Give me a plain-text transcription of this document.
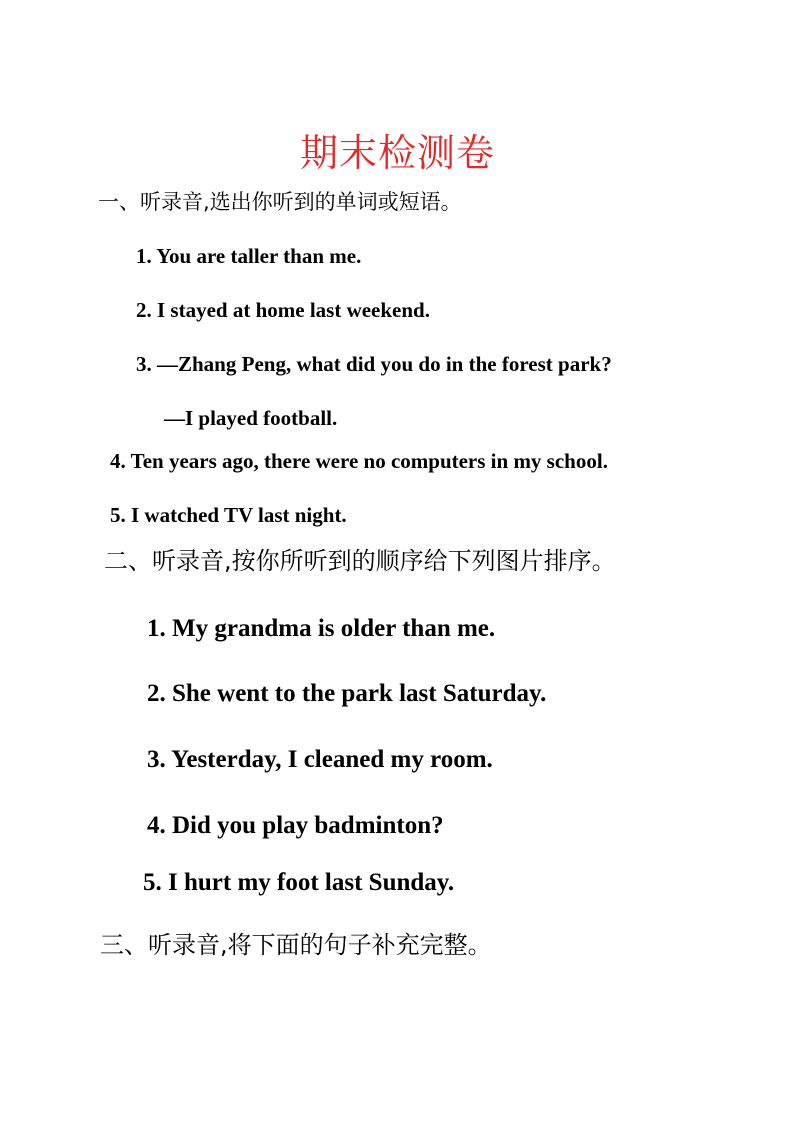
期末检测卷
一、听录音,选出你听到的单词或短语。
1. You are taller than me.
2. I stayed at home last weekend.
3. —Zhang Peng, what did you do in the forest park?
—I played football.
4. Ten years ago, there were no computers in my school.
5. I watched TV last night.
二、听录音,按你所听到的顺序给下列图片排序。
1. My grandma is older than me.
2. She went to the park last Saturday.
3. Yesterday, I cleaned my room.
4. Did you play badminton?
5. I hurt my foot last Sunday.
三、听录音,将下面的句子补充完整。
